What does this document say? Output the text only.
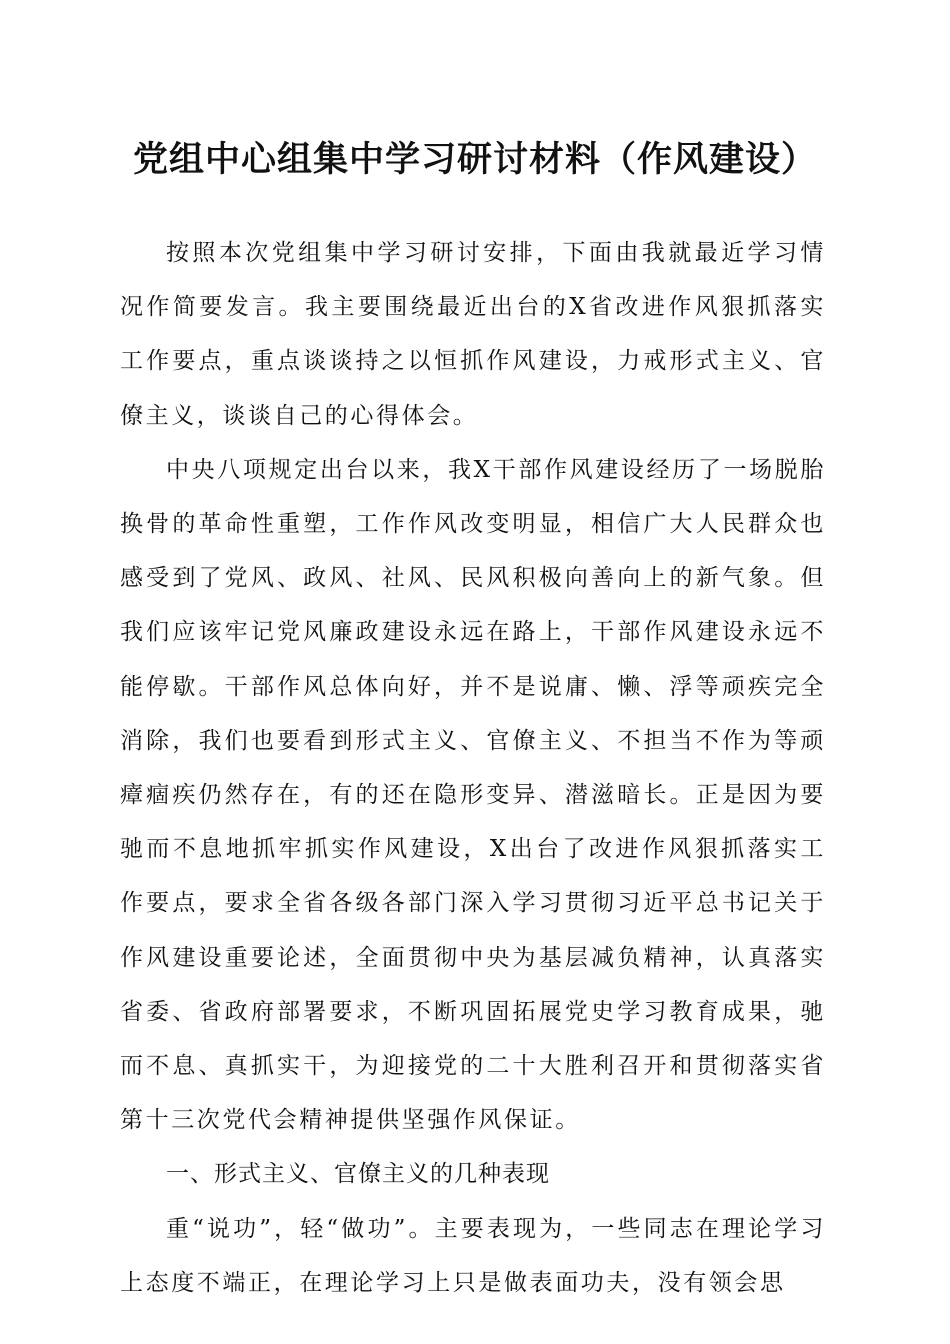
党组中心组集中学习研讨材料（作风建设）

按照本次党组集中学习研讨安排，下面由我就最近学习情况作简要发言。我主要围绕最近出台的X省改进作风狠抓落实工作要点，重点谈谈持之以恒抓作风建设，力戒形式主义、官僚主义，谈谈自己的心得体会。

中央八项规定出台以来，我X干部作风建设经历了一场脱胎换骨的革命性重塑，工作作风改变明显，相信广大人民群众也感受到了党风、政风、社风、民风积极向善向上的新气象。但我们应该牢记党风廉政建设永远在路上，干部作风建设永远不能停歇。干部作风总体向好，并不是说庸、懒、浮等顽疾完全消除，我们也要看到形式主义、官僚主义、不担当不作为等顽瘴痼疾仍然存在，有的还在隐形变异、潜滋暗长。正是因为要驰而不息地抓牢抓实作风建设，X出台了改进作风狠抓落实工作要点，要求全省各级各部门深入学习贯彻习近平总书记关于作风建设重要论述，全面贯彻中央为基层减负精神，认真落实省委、省政府部署要求，不断巩固拓展党史学习教育成果，驰而不息、真抓实干，为迎接党的二十大胜利召开和贯彻落实省第十三次党代会精神提供坚强作风保证。

一、形式主义、官僚主义的几种表现

重“说功”，轻“做功”。主要表现为，一些同志在理论学习上态度不端正，在理论学习上只是做表面功夫，没有领会思
